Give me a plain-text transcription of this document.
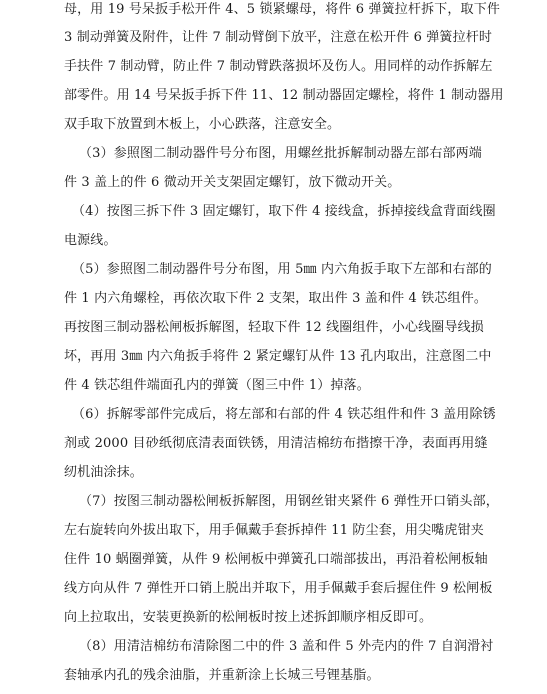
母，用 19 号呆扳手松开件 4、5 锁紧螺母，将件 6 弹簧拉杆拆下，取下件
3 制动弹簧及附件，让件 7 制动臂倒下放平，注意在松开件 6 弹簧拉杆时
手扶件 7 制动臂，防止件 7 制动臂跌落损坏及伤人。用同样的动作拆解左
部零件。用 14 号呆扳手拆下件 11、12 制动器固定螺栓，将件 1 制动器用
双手取下放置到木板上，小心跌落，注意安全。
（3）参照图二制动器件号分布图，用螺丝批拆解制动器左部右部两端
件 3 盖上的件 6 微动开关支架固定螺钉，放下微动开关。
（4）按图三拆下件 3 固定螺钉，取下件 4 接线盒，拆掉接线盒背面线圈
电源线。
（5）参照图二制动器件号分布图，用 5㎜ 内六角扳手取下左部和右部的
件 1 内六角螺栓，再依次取下件 2 支架，取出件 3 盖和件 4 铁芯组件。
再按图三制动器松闸板拆解图，轻取下件 12 线圈组件，小心线圈导线损
坏，再用 3㎜ 内六角扳手将件 2 紧定螺钉从件 13 孔内取出，注意图二中
件 4 铁芯组件端面孔内的弹簧（图三中件 1）掉落。
（6）拆解零部件完成后，将左部和右部的件 4 铁芯组件和件 3 盖用除锈
剂或 2000 目砂纸彻底清表面铁锈，用清洁棉纺布揩擦干净，表面再用缝
纫机油涂抹。
（7）按图三制动器松闸板拆解图，用钢丝钳夹紧件 6 弹性开口销头部，
左右旋转向外拔出取下，用手佩戴手套拆掉件 11 防尘套，用尖嘴虎钳夹
住件 10 蜗圈弹簧，从件 9 松闸板中弹簧孔口端部拔出，再沿着松闸板轴
线方向从件 7 弹性开口销上脱出并取下，用手佩戴手套后握住件 9 松闸板
向上拉取出，安装更换新的松闸板时按上述拆卸顺序相反即可。
（8）用清洁棉纺布清除图二中的件 3 盖和件 5 外壳内的件 7 自润滑衬
套轴承内孔的残余油脂，并重新涂上长城三号锂基脂。
